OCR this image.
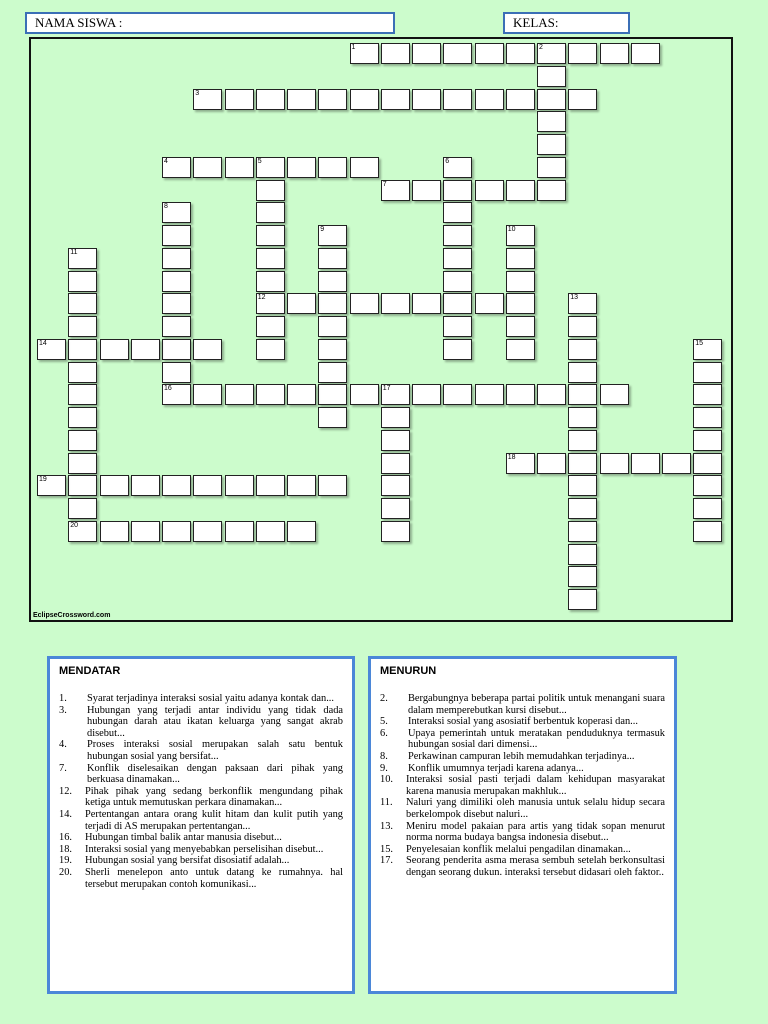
NAMA SISWA :	KELAS:
EclipseCrossword.com
1	2
3
4	5	6
7
8
9	10
11
12	13
14	15
16	17
18
19
20
MENDATAR
1.	Syarat terjadinya interaksi sosial yaitu adanya kontak dan...
3.	Hubungan yang terjadi antar individu yang tidak dada hubungan darah atau ikatan keluarga yang sangat akrab disebut...
4.	Proses interaksi sosial merupakan salah satu bentuk hubungan sosial yang bersifat...
7.	Konflik diselesaikan dengan paksaan dari pihak yang berkuasa dinamakan...
12.	Pihak pihak yang sedang berkonflik mengundang pihak ketiga untuk memutuskan perkara dinamakan...
14.	Pertentangan antara orang kulit hitam dan kulit putih yang terjadi di AS merupakan pertentangan...
16.	Hubungan timbal balik antar manusia disebut...
18.	Interaksi sosial yang menyebabkan perselisihan disebut...
19.	Hubungan sosial yang bersifat disosiatif adalah...
20.	Sherli menelepon anto untuk datang ke rumahnya. hal tersebut merupakan contoh komunikasi...
MENURUN
2.	Bergabungnya beberapa partai politik untuk menangani suara dalam memperebutkan kursi disebut...
5.	Interaksi sosial yang asosiatif berbentuk koperasi dan...
6.	Upaya pemerintah untuk meratakan penduduknya termasuk hubungan sosial dari dimensi...
8.	Perkawinan campuran lebih memudahkan terjadinya...
9.	Konflik umumnya terjadi karena adanya...
10.	Interaksi sosial pasti terjadi dalam kehidupan masyarakat karena manusia merupakan makhluk...
11.	Naluri yang dimiliki oleh manusia untuk selalu hidup secara berkelompok disebut naluri...
13.	Meniru model pakaian para artis yang tidak sopan menurut norma norma budaya bangsa indonesia disebut...
15.	Penyelesaian konflik melalui pengadilan dinamakan...
17.	Seorang penderita asma merasa sembuh setelah berkonsultasi dengan seorang dukun. interaksi tersebut didasari oleh faktor..
